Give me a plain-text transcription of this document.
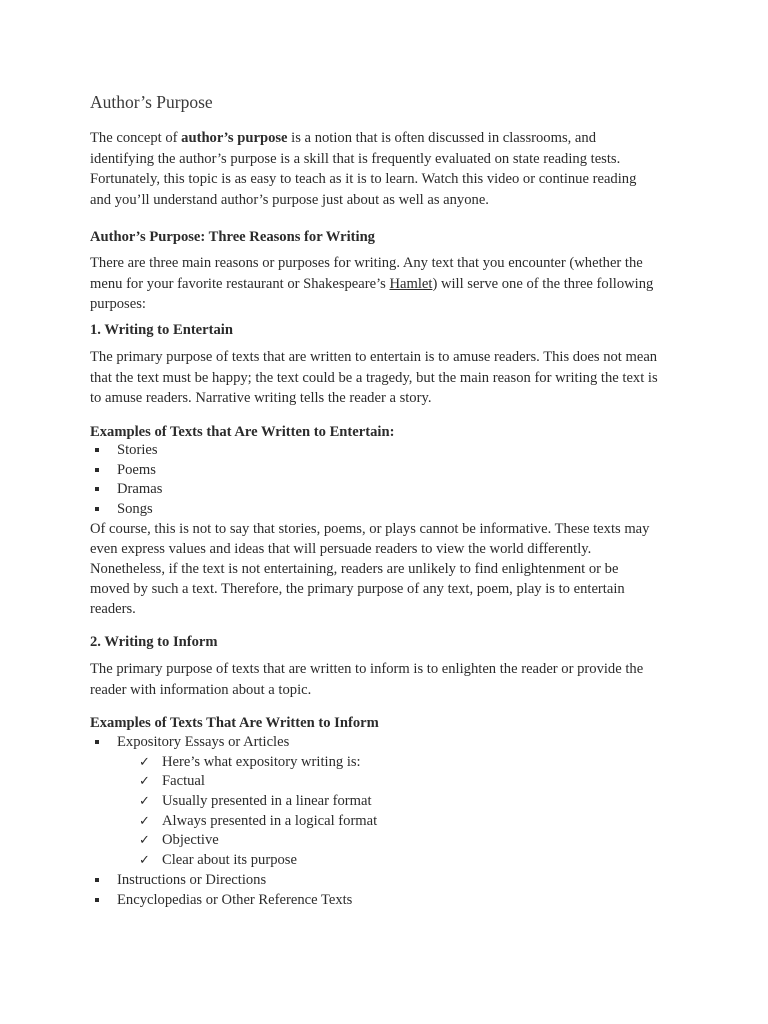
Author’s Purpose
The concept of author’s purpose is a notion that is often discussed in classrooms, and
identifying the author’s purpose is a skill that is frequently evaluated on state reading tests.
Fortunately, this topic is as easy to teach as it is to learn. Watch this video or continue reading
and you’ll understand author’s purpose just about as well as anyone.
Author’s Purpose: Three Reasons for Writing
There are three main reasons or purposes for writing. Any text that you encounter (whether the
menu for your favorite restaurant or Shakespeare’s Hamlet) will serve one of the three following
purposes:
1. Writing to Entertain
The primary purpose of texts that are written to entertain is to amuse readers. This does not mean
that the text must be happy; the text could be a tragedy, but the main reason for writing the text is
to amuse readers. Narrative writing tells the reader a story.
Examples of Texts that Are Written to Entertain:
Stories
Poems
Dramas
Songs
Of course, this is not to say that stories, poems, or plays cannot be informative. These texts may
even express values and ideas that will persuade readers to view the world differently.
Nonetheless, if the text is not entertaining, readers are unlikely to find enlightenment or be
moved by such a text. Therefore, the primary purpose of any text, poem, play is to entertain
readers.
2. Writing to Inform
The primary purpose of texts that are written to inform is to enlighten the reader or provide the
reader with information about a topic.
Examples of Texts That Are Written to Inform
Expository Essays or Articles
✓ Here’s what expository writing is:
✓ Factual
✓ Usually presented in a linear format
✓ Always presented in a logical format
✓ Objective
✓ Clear about its purpose
Instructions or Directions
Encyclopedias or Other Reference Texts
